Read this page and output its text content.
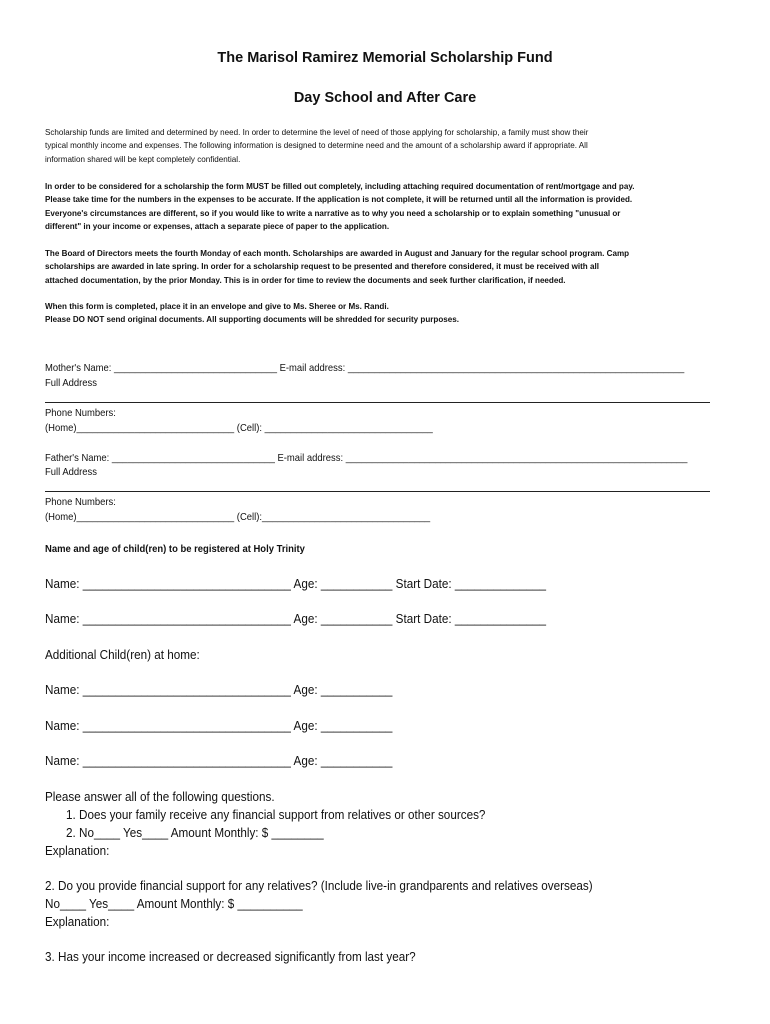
The Marisol Ramirez Memorial Scholarship Fund
Day School and After Care
Scholarship funds are limited and determined by need. In order to determine the level of need of those applying for scholarship, a family must show their
typical monthly income and expenses. The following information is designed to determine need and the amount of a scholarship award if appropriate. All
information shared will be kept completely confidential.
In order to be considered for a scholarship the form MUST be filled out completely, including attaching required documentation of rent/mortgage and pay.
Please take time for the numbers in the expenses to be accurate. If the application is not complete, it will be returned until all the information is provided.
Everyone's circumstances are different, so if you would like to write a narrative as to why you need a scholarship or to explain something "unusual or
different" in your income or expenses, attach a separate piece of paper to the application.
The Board of Directors meets the fourth Monday of each month. Scholarships are awarded in August and January for the regular school program. Camp
scholarships are awarded in late spring. In order for a scholarship request to be presented and therefore considered, it must be received with all
attached documentation, by the prior Monday. This is in order for time to review the documents and seek further clarification, if needed.
When this form is completed, place it in an envelope and give to Ms. Sheree or Ms. Randi.
Please DO NOT send original documents. All supporting documents will be shredded for security purposes.
Mother's Name: _______________________________ E-mail address: ________________________________________________________________
Full Address
Phone Numbers:
(Home)______________________________ (Cell): ________________________________
Father's Name: _______________________________ E-mail address: _________________________________________________________________
Full Address
Phone Numbers:
(Home)______________________________ (Cell):________________________________
Name and age of child(ren) to be registered at Holy Trinity
Name: ________________________________ Age: ___________ Start Date: ______________
Name: ________________________________ Age: ___________ Start Date: ______________
Additional Child(ren) at home:
Name: ________________________________ Age: ___________
Name: ________________________________ Age: ___________
Name: ________________________________ Age: ___________
Please answer all of the following questions.
1. Does your family receive any financial support from relatives or other sources?
2. No____ Yes____ Amount Monthly: $ ________
Explanation:
2. Do you provide financial support for any relatives? (Include live-in grandparents and relatives overseas)
No____ Yes____ Amount Monthly: $ __________
Explanation:
3. Has your income increased or decreased significantly from last year?
